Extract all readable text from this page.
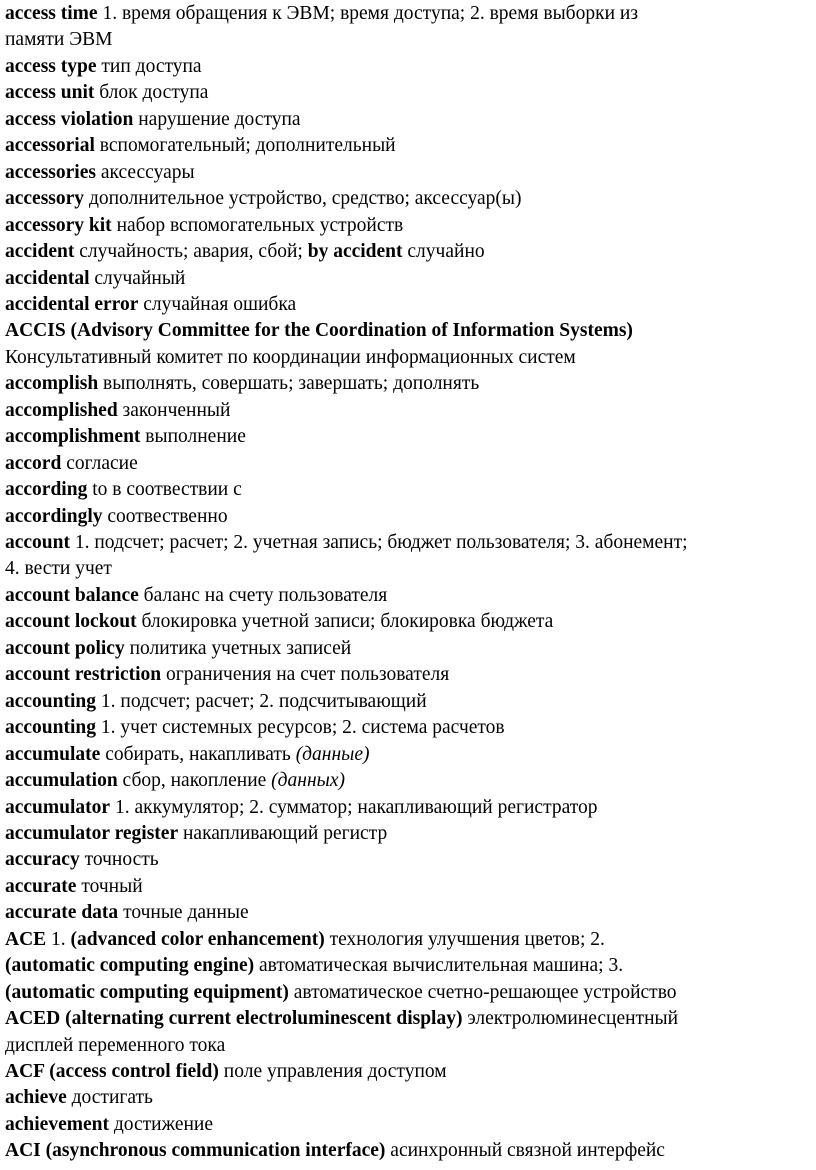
access time 1. время обращения к ЭВМ; время доступа; 2. время выборки из
памяти ЭВМ
access type тип доступа
access unit блок доступа
access violation нарушение доступа
accessorial вспомогательный; дополнительный
accessories аксессуары
accessory дополнительное устройство, средство; аксессуар(ы)
accessory kit набор вспомогательных устройств
accident случайность; авария, сбой; by accident случайно
accidental случайный
accidental error случайная ошибка
ACCIS (Advisory Committee for the Coordination of Information Systems)
Консультативный комитет по координации информационных систем
accomplish выполнять, совершать; завершать; дополнять
accomplished законченный
accomplishment выполнение
accord согласие
according to в соотвествии с
accordingly соотвественно
account 1. подсчет; расчет; 2. учетная запись; бюджет пользователя; 3. абонемент;
4. вести учет
account balance баланс на счету пользователя
account lockout блокировка учетной записи; блокировка бюджета
account policy политика учетных записей
account restriction ограничения на счет пользователя
accounting 1. подсчет; расчет; 2. подсчитывающий
accounting 1. учет системных ресурсов; 2. система расчетов
accumulate собирать, накапливать (данные)
accumulation сбор, накопление (данных)
accumulator 1. аккумулятор; 2. сумматор; накапливающий регистратор
accumulator register накапливающий регистр
accuracy точность
accurate точный
accurate data точные данные
ACE 1. (advanced color enhancement) технология улучшения цветов; 2.
(automatic computing engine) автоматическая вычислительная машина; 3.
(automatic computing equipment) автоматическое счетно-решающее устройство
ACED (alternating current electroluminescent display) электролюминесцентный
дисплей переменного тока
ACF (access control field) поле управления доступом
achieve достигать
achievement достижение
ACI (asynchronous communication interface) асинхронный связной интерфейс
